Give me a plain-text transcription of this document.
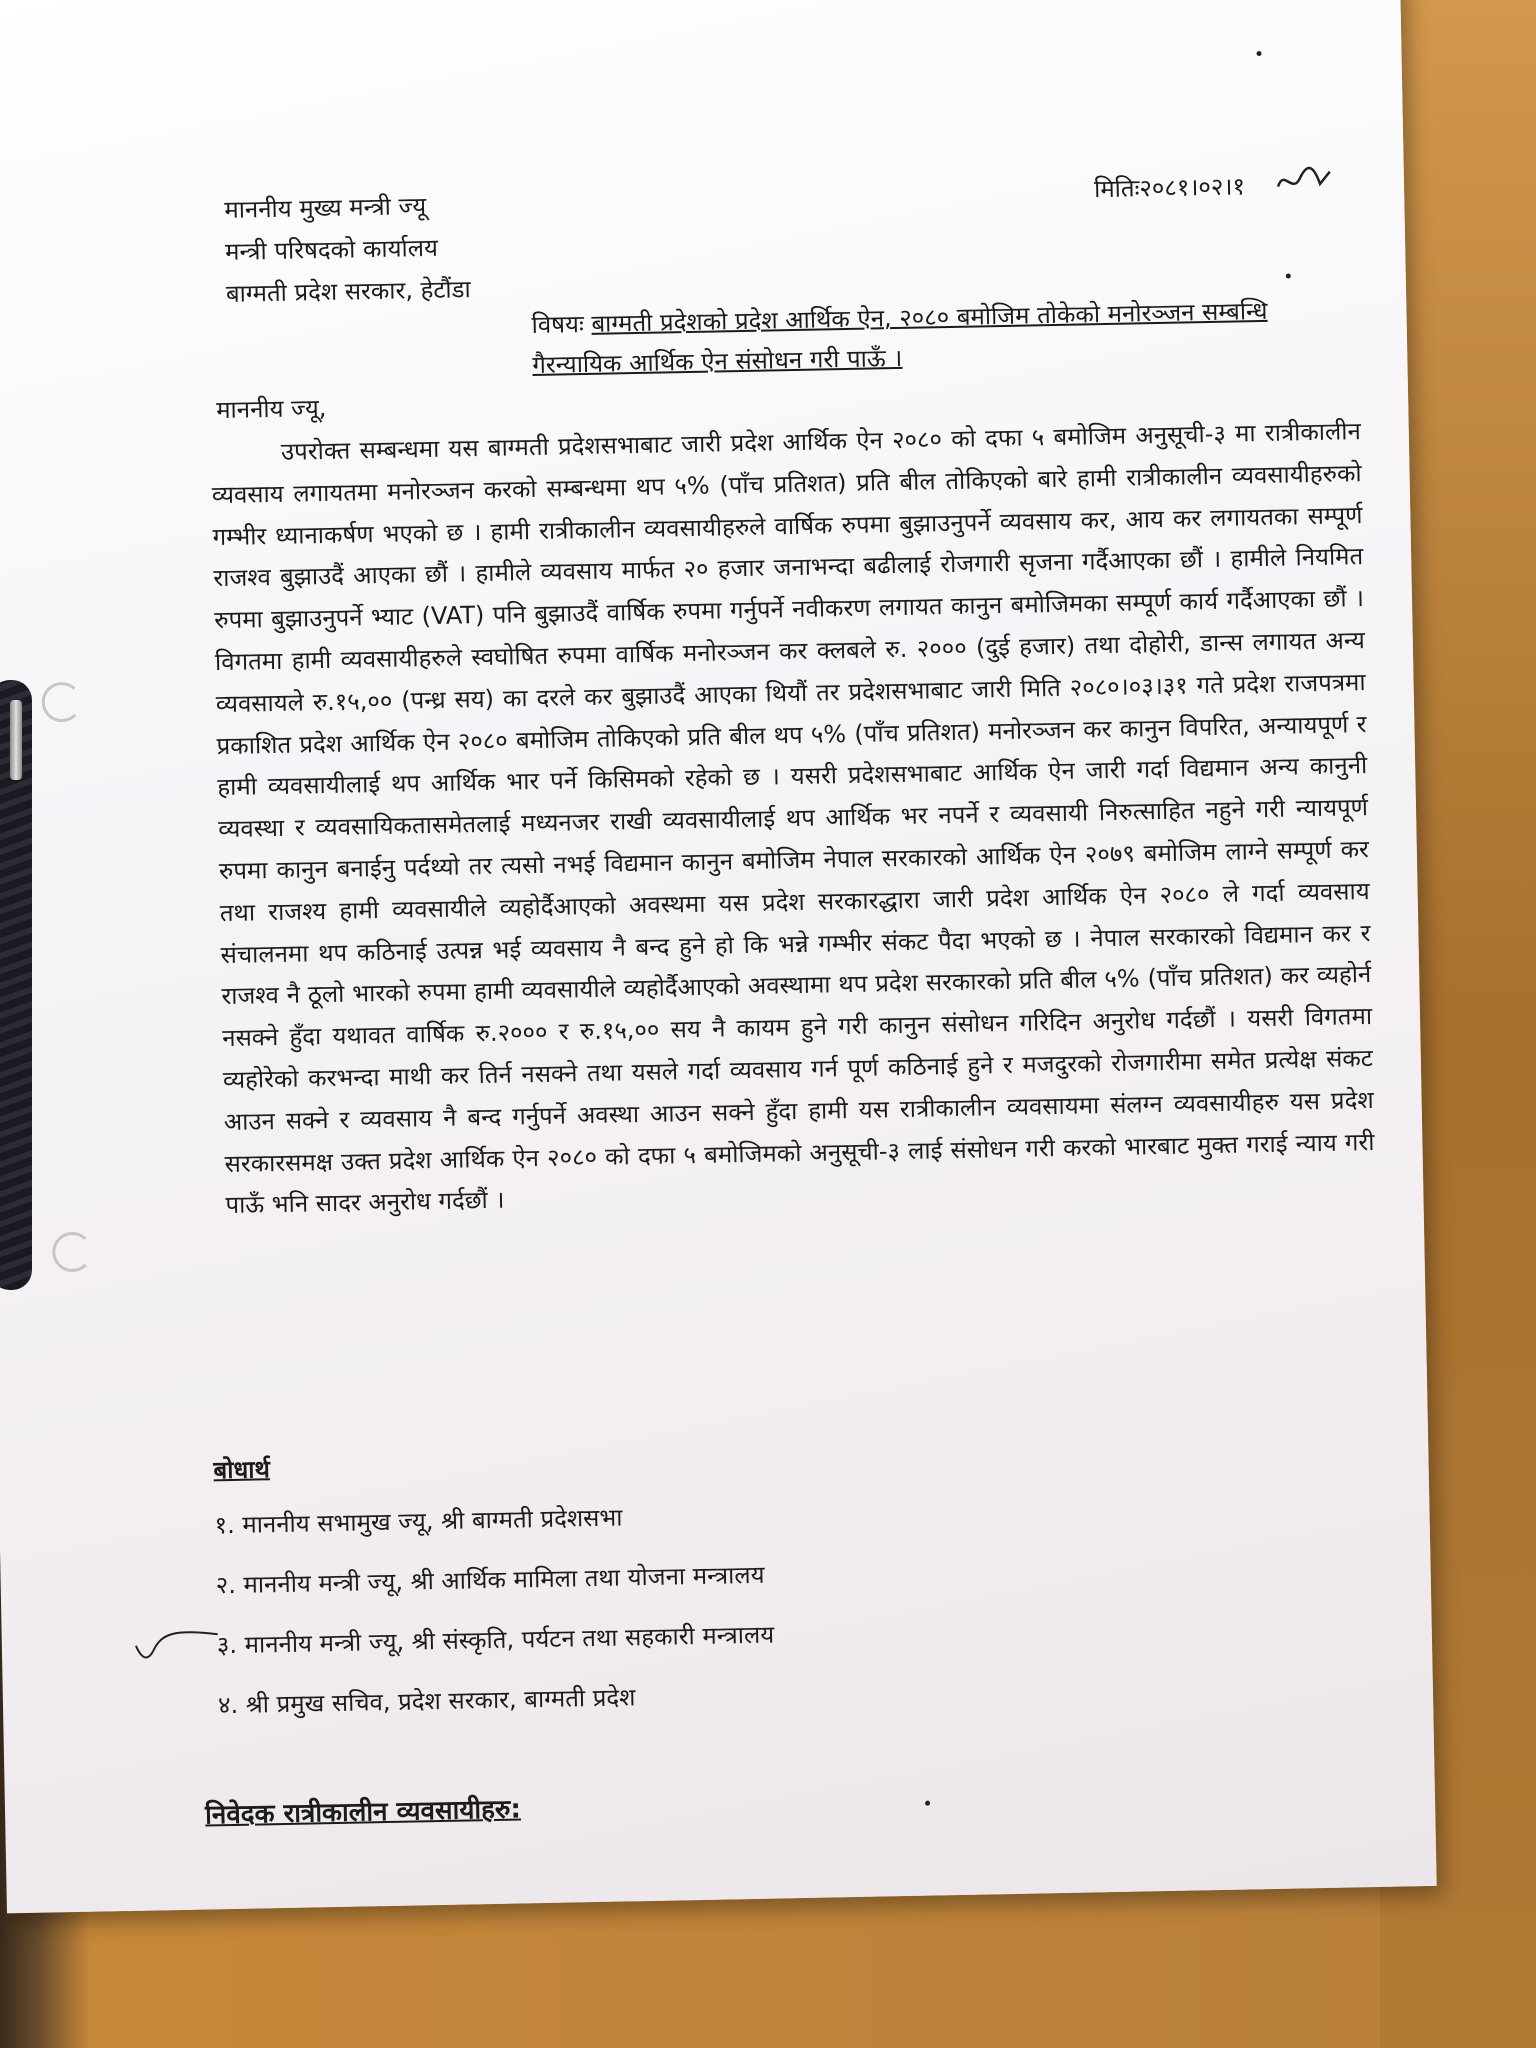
माननीय मुख्य मन्त्री ज्यू
मन्त्री परिषदको कार्यालय
बाग्मती प्रदेश सरकार, हेटौंडा
मितिः२०८१।०२।१
विषयः बाग्मती प्रदेशको प्रदेश आर्थिक ऐन, २०८० बमोजिम तोकेको मनोरञ्जन सम्बन्धि गैरन्यायिक आर्थिक ऐन संसोधन गरी पाऊँ ।
माननीय ज्यू,
उपरोक्त सम्बन्धमा यस बाग्मती प्रदेशसभाबाट जारी प्रदेश आर्थिक ऐन २०८० को दफा ५ बमोजिम अनुसूची-३ मा रात्रीकालीन व्यवसाय लगायतमा मनोरञ्जन करको सम्बन्धमा थप ५% (पाँच प्रतिशत) प्रति बील तोकिएको बारे हामी रात्रीकालीन व्यवसायीहरुको गम्भीर ध्यानाकर्षण भएको छ । हामी रात्रीकालीन व्यवसायीहरुले वार्षिक रुपमा बुझाउनुपर्ने व्यवसाय कर, आय कर लगायतका सम्पूर्ण राजश्व बुझाउदैं आएका छौं । हामीले व्यवसाय मार्फत २० हजार जनाभन्दा बढीलाई रोजगारी सृजना गर्दैआएका छौं । हामीले नियमित रुपमा बुझाउनुपर्ने भ्याट (VAT) पनि बुझाउदैं वार्षिक रुपमा गर्नुपर्ने नवीकरण लगायत कानुन बमोजिमका सम्पूर्ण कार्य गर्दैआएका छौं । विगतमा हामी व्यवसायीहरुले स्वघोषित रुपमा वार्षिक मनोरञ्जन कर क्लबले रु. २००० (दुई हजार) तथा दोहोरी, डान्स लगायत अन्य व्यवसायले रु.१५,०० (पन्ध्र सय) का दरले कर बुझाउदैं आएका थियौं तर प्रदेशसभाबाट जारी मिति २०८०।०३।३१ गते प्रदेश राजपत्रमा प्रकाशित प्रदेश आर्थिक ऐन २०८० बमोजिम तोकिएको प्रति बील थप ५% (पाँच प्रतिशत) मनोरञ्जन कर कानुन विपरित, अन्यायपूर्ण र हामी व्यवसायीलाई थप आर्थिक भार पर्ने किसिमको रहेको छ । यसरी प्रदेशसभाबाट आर्थिक ऐन जारी गर्दा विद्यमान अन्य कानुनी व्यवस्था र व्यवसायिकतासमेतलाई मध्यनजर राखी व्यवसायीलाई थप आर्थिक भर नपर्ने र व्यवसायी निरुत्साहित नहुने गरी न्यायपूर्ण रुपमा कानुन बनाईनु पर्दथ्यो तर त्यसो नभई विद्यमान कानुन बमोजिम नेपाल सरकारको आर्थिक ऐन २०७९ बमोजिम लाग्ने सम्पूर्ण कर तथा राजश्य हामी व्यवसायीले व्यहोर्दैआएको अवस्थमा यस प्रदेश सरकारद्धारा जारी प्रदेश आर्थिक ऐन २०८० ले गर्दा व्यवसाय संचालनमा थप कठिनाई उत्पन्न भई व्यवसाय नै बन्द हुने हो कि भन्ने गम्भीर संकट पैदा भएको छ । नेपाल सरकारको विद्यमान कर र राजश्व नै ठूलो भारको रुपमा हामी व्यवसायीले व्यहोर्दैआएको अवस्थामा थप प्रदेश सरकारको प्रति बील ५% (पाँच प्रतिशत) कर व्यहोर्न नसक्ने हुँदा यथावत वार्षिक रु.२००० र रु.१५,०० सय नै कायम हुने गरी कानुन संसोधन गरिदिन अनुरोध गर्दछौं । यसरी विगतमा व्यहोरेको करभन्दा माथी कर तिर्न नसक्ने तथा यसले गर्दा व्यवसाय गर्न पूर्ण कठिनाई हुने र मजदुरको रोजगारीमा समेत प्रत्येक्ष संकट आउन सक्ने र व्यवसाय नै बन्द गर्नुपर्ने अवस्था आउन सक्ने हुँदा हामी यस रात्रीकालीन व्यवसायमा संलग्न व्यवसायीहरु यस प्रदेश सरकारसमक्ष उक्त प्रदेश आर्थिक ऐन २०८० को दफा ५ बमोजिमको अनुसूची-३ लाई संसोधन गरी करको भारबाट मुक्त गराई न्याय गरी पाऊँ भनि सादर अनुरोध गर्दछौं ।
बोधार्थ
१. माननीय सभामुख ज्यू, श्री बाग्मती प्रदेशसभा
२. माननीय मन्त्री ज्यू, श्री आर्थिक मामिला तथा योजना मन्त्रालय
३. माननीय मन्त्री ज्यू, श्री संस्कृति, पर्यटन तथा सहकारी मन्त्रालय
४. श्री प्रमुख सचिव, प्रदेश सरकार, बाग्मती प्रदेश
निवेदक रात्रीकालीन व्यवसायीहरु:
